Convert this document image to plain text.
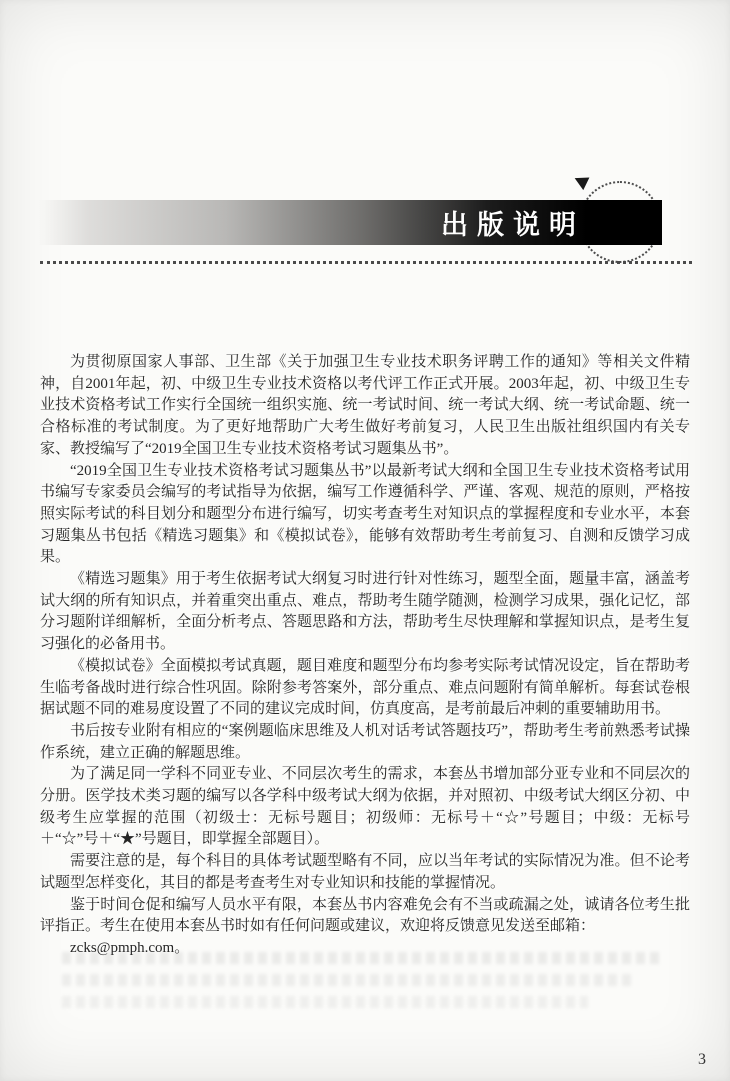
出版说明

为贯彻原国家人事部、卫生部《关于加强卫生专业技术职务评聘工作的通知》等相关文件精神，自2001年起，初、中级卫生专业技术资格以考代评工作正式开展。2003年起，初、中级卫生专业技术资格考试工作实行全国统一组织实施、统一考试时间、统一考试大纲、统一考试命题、统一合格标准的考试制度。为了更好地帮助广大考生做好考前复习，人民卫生出版社组织国内有关专家、教授编写了“2019全国卫生专业技术资格考试习题集丛书”。

“2019全国卫生专业技术资格考试习题集丛书”以最新考试大纲和全国卫生专业技术资格考试用书编写专家委员会编写的考试指导为依据，编写工作遵循科学、严谨、客观、规范的原则，严格按照实际考试的科目划分和题型分布进行编写，切实考查考生对知识点的掌握程度和专业水平，本套习题集丛书包括《精选习题集》和《模拟试卷》，能够有效帮助考生考前复习、自测和反馈学习成果。

《精选习题集》用于考生依据考试大纲复习时进行针对性练习，题型全面，题量丰富，涵盖考试大纲的所有知识点，并着重突出重点、难点，帮助考生随学随测，检测学习成果，强化记忆，部分习题附详细解析，全面分析考点、答题思路和方法，帮助考生尽快理解和掌握知识点，是考生复习强化的必备用书。

《模拟试卷》全面模拟考试真题，题目难度和题型分布均参考实际考试情况设定，旨在帮助考生临考备战时进行综合性巩固。除附参考答案外，部分重点、难点问题附有简单解析。每套试卷根据试题不同的难易度设置了不同的建议完成时间，仿真度高，是考前最后冲刺的重要辅助用书。

书后按专业附有相应的“案例题临床思维及人机对话考试答题技巧”，帮助考生考前熟悉考试操作系统，建立正确的解题思维。

为了满足同一学科不同亚专业、不同层次考生的需求，本套丛书增加部分亚专业和不同层次的分册。医学技术类习题的编写以各学科中级考试大纲为依据，并对照初、中级考试大纲区分初、中级考生应掌握的范围（初级士：无标号题目；初级师：无标号＋“☆”号题目；中级：无标号＋“☆”号＋“★”号题目，即掌握全部题目）。

需要注意的是，每个科目的具体考试题型略有不同，应以当年考试的实际情况为准。但不论考试题型怎样变化，其目的都是考查考生对专业知识和技能的掌握情况。

鉴于时间仓促和编写人员水平有限，本套丛书内容难免会有不当或疏漏之处，诚请各位考生批评指正。考生在使用本套丛书时如有任何问题或建议，欢迎将反馈意见发送至邮箱：

zcks@pmph.com。

3
